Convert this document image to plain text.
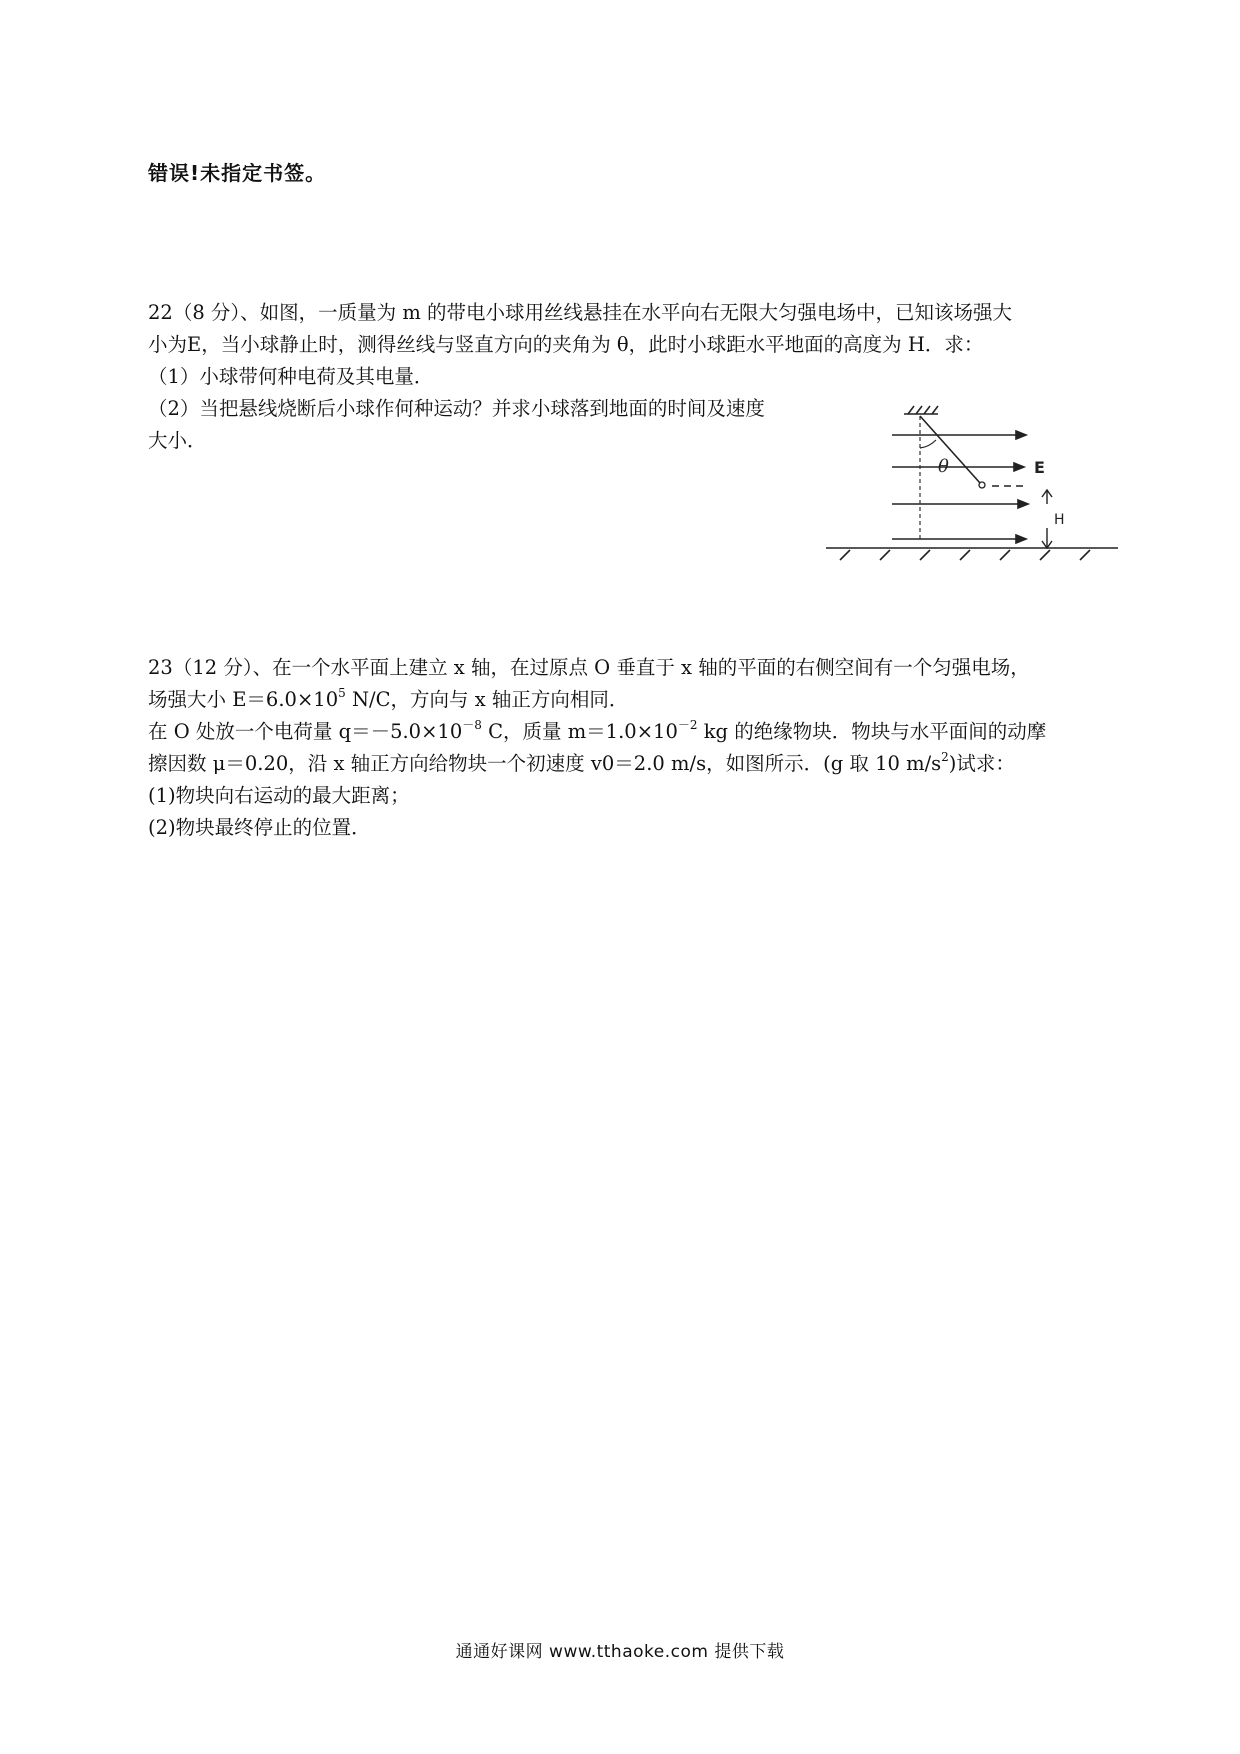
错误!未指定书签。

22（8 分）、如图，一质量为 m 的带电小球用丝线悬挂在水平向右无限大匀强电场中，已知该场强大

小为E，当小球静止时，测得丝线与竖直方向的夹角为 θ，此时小球距水平地面的高度为 H．求：

（1）小球带何种电荷及其电量．

（2）当把悬线烧断后小球作何种运动？并求小球落到地面的时间及速度

大小．

θ	E
H

23（12 分）、在一个水平面上建立 x 轴，在过原点 O 垂直于 x 轴的平面的右侧空间有一个匀强电场，

场强大小 $E=6.0\times 10^5$ N/C，方向与 x 轴正方向相同．

在 O 处放一个电荷量 $q=-5.0\times 10^{-8}$ C，质量 $m=1.0\times 10^{-2}$ kg 的绝缘物块．物块与水平面间的动摩

擦因数 μ＝0.20，沿 x 轴正方向给物块一个初速度 v0＝2.0 m/s，如图所示．(g 取 10 $m/s^2$)试求：

(1)物块向右运动的最大距离；

(2)物块最终停止的位置．

通通好课网 www.tthaoke.com 提供下载
